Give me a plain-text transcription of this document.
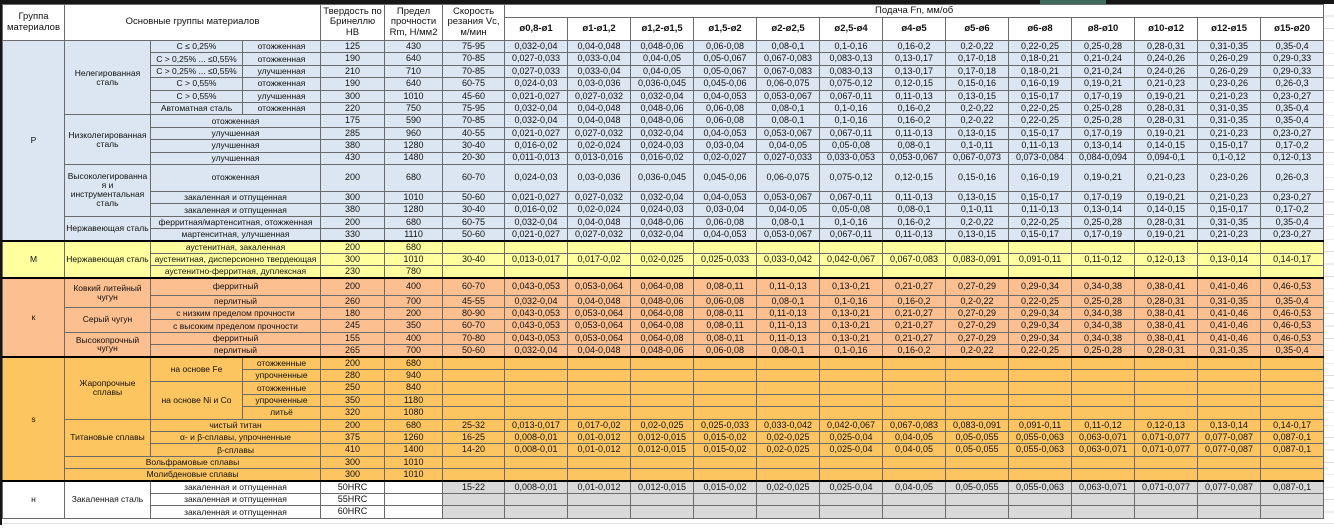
Группа материалов	Основные группы материалов			Твердость по Бринеллю HB	Предел прочности Rm, Н/мм2	Скорость резания Vc, м/мин	Подача Fn, мм/об												
							ø0,8-ø1	ø1-ø1,2	ø1,2-ø1,5	ø1,5-ø2	ø2-ø2,5	ø2,5-ø4	ø4-ø5	ø5-ø6	ø6-ø8	ø8-ø10	ø10-ø12	ø12-ø15	ø15-ø20
P	Нелегированная сталь	C ≤ 0,25%	отожженная	125	430	75-95	0,032-0,04	0,04-0,048	0,048-0,06	0,06-0,08	0,08-0,1	0,1-0,16	0,16-0,2	0,2-0,22	0,22-0,25	0,25-0,28	0,28-0,31	0,31-0,35	0,35-0,4
		C > 0,25% ... ≤0,55%	отожженная	190	640	70-85	0,027-0,033	0,033-0,04	0,04-0,05	0,05-0,067	0,067-0,083	0,083-0,13	0,13-0,17	0,17-0,18	0,18-0,21	0,21-0,24	0,24-0,26	0,26-0,29	0,29-0,33
		C > 0,25% ... ≤0,55%	улучшенная	210	710	70-85	0,027-0,033	0,033-0,04	0,04-0,05	0,05-0,067	0,067-0,083	0,083-0,13	0,13-0,17	0,17-0,18	0,18-0,21	0,21-0,24	0,24-0,26	0,26-0,29	0,29-0,33
		C > 0,55%	отожженная	190	640	60-75	0,024-0,03	0,03-0,036	0,036-0,045	0,045-0,06	0,06-0,075	0,075-0,12	0,12-0,15	0,15-0,16	0,16-0,19	0,19-0,21	0,21-0,23	0,23-0,26	0,26-0,3
		C > 0,55%	улучшенная	300	1010	45-60	0,021-0,027	0,027-0,032	0,032-0,04	0,04-0,053	0,053-0,067	0,067-0,11	0,11-0,13	0,13-0,15	0,15-0,17	0,17-0,19	0,19-0,21	0,21-0,23	0,23-0,27
		Автоматная сталь	отожженная	220	750	75-95	0,032-0,04	0,04-0,048	0,048-0,06	0,06-0,08	0,08-0,1	0,1-0,16	0,16-0,2	0,2-0,22	0,22-0,25	0,25-0,28	0,28-0,31	0,31-0,35	0,35-0,4
	Низколегированная сталь	отожженная		175	590	70-85	0,032-0,04	0,04-0,048	0,048-0,06	0,06-0,08	0,08-0,1	0,1-0,16	0,16-0,2	0,2-0,22	0,22-0,25	0,25-0,28	0,28-0,31	0,31-0,35	0,35-0,4
		улучшенная		285	960	40-55	0,021-0,027	0,027-0,032	0,032-0,04	0,04-0,053	0,053-0,067	0,067-0,11	0,11-0,13	0,13-0,15	0,15-0,17	0,17-0,19	0,19-0,21	0,21-0,23	0,23-0,27
		улучшенная		380	1280	30-40	0,016-0,02	0,02-0,024	0,024-0,03	0,03-0,04	0,04-0,05	0,05-0,08	0,08-0,1	0,1-0,11	0,11-0,13	0,13-0,14	0,14-0,15	0,15-0,17	0,17-0,2
		улучшенная		430	1480	20-30	0,011-0,013	0,013-0,016	0,016-0,02	0,02-0,027	0,027-0,033	0,033-0,053	0,053-0,067	0,067-0,073	0,073-0,084	0,084-0,094	0,094-0,1	0,1-0,12	0,12-0,13
	Высоколегированная и инструментальная сталь	отожженная		200	680	60-70	0,024-0,03	0,03-0,036	0,036-0,045	0,045-0,06	0,06-0,075	0,075-0,12	0,12-0,15	0,15-0,16	0,16-0,19	0,19-0,21	0,21-0,23	0,23-0,26	0,26-0,3
		закаленная и отпущенная		300	1010	50-60	0,021-0,027	0,027-0,032	0,032-0,04	0,04-0,053	0,053-0,067	0,067-0,11	0,11-0,13	0,13-0,15	0,15-0,17	0,17-0,19	0,19-0,21	0,21-0,23	0,23-0,27
		закаленная и отпущенная		380	1280	30-40	0,016-0,02	0,02-0,024	0,024-0,03	0,03-0,04	0,04-0,05	0,05-0,08	0,08-0,1	0,1-0,11	0,11-0,13	0,13-0,14	0,14-0,15	0,15-0,17	0,17-0,2
	Нержавеющая сталь	ферритная/мартенситная, отожженная		200	680	60-75	0,032-0,04	0,04-0,048	0,048-0,06	0,06-0,08	0,08-0,1	0,1-0,16	0,16-0,2	0,2-0,22	0,22-0,25	0,25-0,28	0,28-0,31	0,31-0,35	0,35-0,4
		мартенситная, улучшенная		330	1110	50-60	0,021-0,027	0,027-0,032	0,032-0,04	0,04-0,053	0,053-0,067	0,067-0,11	0,11-0,13	0,13-0,15	0,15-0,17	0,17-0,19	0,19-0,21	0,21-0,23	0,23-0,27
M	Нержавеющая сталь	аустенитная, закаленная		200	680														
		аустенитная, дисперсионно твердеющая		300	1010	30-40	0,013-0,017	0,017-0,02	0,02-0,025	0,025-0,033	0,033-0,042	0,042-0,067	0,067-0,083	0,083-0,091	0,091-0,11	0,11-0,12	0,12-0,13	0,13-0,14	0,14-0,17
		аустенитно-ферритная, дуплексная		230	780														
к	Ковкий литейный чугун	ферритный		200	400	60-70	0,043-0,053	0,053-0,064	0,064-0,08	0,08-0,11	0,11-0,13	0,13-0,21	0,21-0,27	0,27-0,29	0,29-0,34	0,34-0,38	0,38-0,41	0,41-0,46	0,46-0,53
		перлитный		260	700	45-55	0,032-0,04	0,04-0,048	0,048-0,06	0,06-0,08	0,08-0,1	0,1-0,16	0,16-0,2	0,2-0,22	0,22-0,25	0,25-0,28	0,28-0,31	0,31-0,35	0,35-0,4
	Серый чугун	с низким пределом прочности		180	200	80-90	0,043-0,053	0,053-0,064	0,064-0,08	0,08-0,11	0,11-0,13	0,13-0,21	0,21-0,27	0,27-0,29	0,29-0,34	0,34-0,38	0,38-0,41	0,41-0,46	0,46-0,53
		с высоким пределом прочности		245	350	60-70	0,043-0,053	0,053-0,064	0,064-0,08	0,08-0,11	0,11-0,13	0,13-0,21	0,21-0,27	0,27-0,29	0,29-0,34	0,34-0,38	0,38-0,41	0,41-0,46	0,46-0,53
	Высокопрочный чугун	ферритный		155	400	70-80	0,043-0,053	0,053-0,064	0,064-0,08	0,08-0,11	0,11-0,13	0,13-0,21	0,21-0,27	0,27-0,29	0,29-0,34	0,34-0,38	0,38-0,41	0,41-0,46	0,46-0,53
		перлитный		265	700	50-60	0,032-0,04	0,04-0,048	0,048-0,06	0,06-0,08	0,08-0,1	0,1-0,16	0,16-0,2	0,2-0,22	0,22-0,25	0,25-0,28	0,28-0,31	0,31-0,35	0,35-0,4
s	Жаропрочные сплавы	на основе Fe	отожженные	200	680														
			упрочненные	280	940														
		на основе Ni и Co	отожженные	250	840														
			упрочненные	350	1180														
			литьё	320	1080														
	Титановые сплавы	чистый титан		200	680	25-32	0,013-0,017	0,017-0,02	0,02-0,025	0,025-0,033	0,033-0,042	0,042-0,067	0,067-0,083	0,083-0,091	0,091-0,11	0,11-0,12	0,12-0,13	0,13-0,14	0,14-0,17
		α- и β-сплавы, упрочненные		375	1260	16-25	0,008-0,01	0,01-0,012	0,012-0,015	0,015-0,02	0,02-0,025	0,025-0,04	0,04-0,05	0,05-0,055	0,055-0,063	0,063-0,071	0,071-0,077	0,077-0,087	0,087-0,1
		β-сплавы		410	1400	14-20	0,008-0,01	0,01-0,012	0,012-0,015	0,015-0,02	0,02-0,025	0,025-0,04	0,04-0,05	0,05-0,055	0,055-0,063	0,063-0,071	0,071-0,077	0,077-0,087	0,087-0,1
	Вольфрамовые сплавы			300	1010														
	Молибденовые сплавы			300	1010														
н	Закаленная сталь	закаленная и отпущенная		50HRC		15-22	0,008-0,01	0,01-0,012	0,012-0,015	0,015-0,02	0,02-0,025	0,025-0,04	0,04-0,05	0,05-0,055	0,055-0,063	0,063-0,071	0,071-0,077	0,077-0,087	0,087-0,1
		закаленная и отпущенная		55HRC															
		закаленная и отпущенная		60HRC															
